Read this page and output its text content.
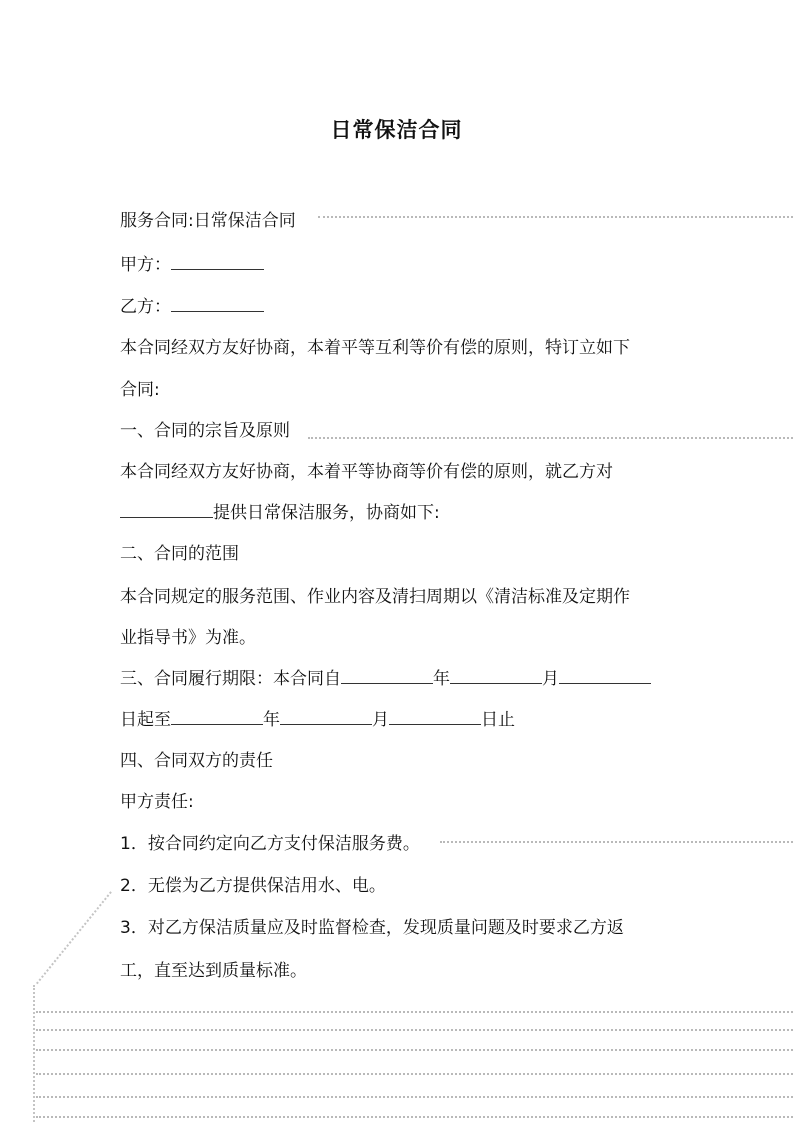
日常保洁合同
服务合同:日常保洁合同
甲方：
乙方：
本合同经双方友好协商，本着平等互利等价有偿的原则，特订立如下
合同:
一、合同的宗旨及原则
本合同经双方友好协商，本着平等协商等价有偿的原则，就乙方对
提供日常保洁服务，协商如下:
二、合同的范围
本合同规定的服务范围、作业内容及清扫周期以《清洁标准及定期作
业指导书》为准。
三、合同履行期限：本合同自	年	月
日起至	年	月	日止
四、合同双方的责任
甲方责任:
1．按合同约定向乙方支付保洁服务费。
2．无偿为乙方提供保洁用水、电。
3．对乙方保洁质量应及时监督检查，发现质量问题及时要求乙方返
工，直至达到质量标准。
